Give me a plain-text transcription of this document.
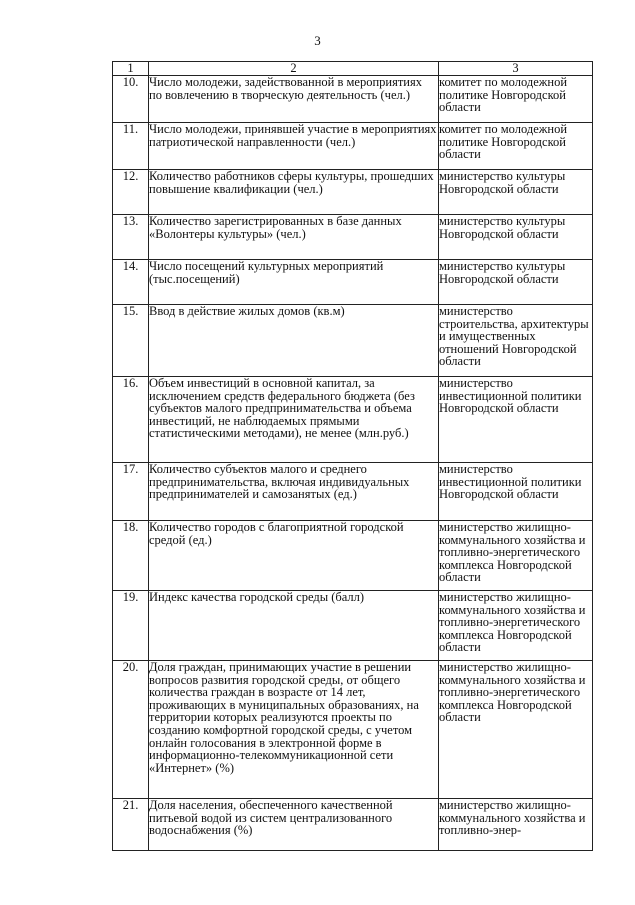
3
1	2	3
10.	Число молодежи, задействованной в мероприятиях по вовлечению в творческую деятельность (чел.)	комитет по молодежной политике Новгородской области

11.	Число молодежи, принявшей участие в мероприятиях патриотической направленности (чел.)	комитет по молодежной политике Новгородской области

12.	Количество работников сферы культуры, прошедших повышение квалификации (чел.)	министерство культуры Новгородской области

13.	Количество зарегистрированных в базе данных «Волонтеры культуры» (чел.)	министерство культуры Новгородской области

14.	Число посещений культурных мероприятий (тыс.посещений)	министерство культуры Новгородской области

15.	Ввод в действие жилых домов (кв.м)	министерство строительства, архитектуры и имущественных отношений Новгородской области

16.	Объем инвестиций в основной капитал, за исключением средств федерального бюджета (без субъектов малого предпринимательства и объема инвестиций, не наблюдаемых прямыми статистическими методами), не менее (млн.руб.)	министерство инвестиционной политики Новгородской области

17.	Количество субъектов малого и среднего предпринимательства, включая индивидуальных предпринимателей и самозанятых (ед.)	министерство инвестиционной политики Новгородской области

18.	Количество городов с благоприятной городской средой (ед.)	министерство жилищно-коммунального хозяйства и топливно-энергетического комплекса Новгородской области

19.	Индекс качества городской среды (балл)	министерство жилищно-коммунального хозяйства и топливно-энергетического комплекса Новгородской области

20.	Доля граждан, принимающих участие в решении вопросов развития городской среды, от общего количества граждан в возрасте от 14 лет, проживающих в муниципальных образованиях, на территории которых реализуются проекты по созданию комфортной городской среды, с учетом онлайн голосования в электронной форме в информационно-телекоммуникационной сети «Интернет» (%)	министерство жилищно-коммунального хозяйства и топливно-энергетического комплекса Новгородской области

21.	Доля населения, обеспеченного качественной питьевой водой из систем централизованного водоснабжения (%)	министерство жилищно-коммунального хозяйства и топливно-энер-
